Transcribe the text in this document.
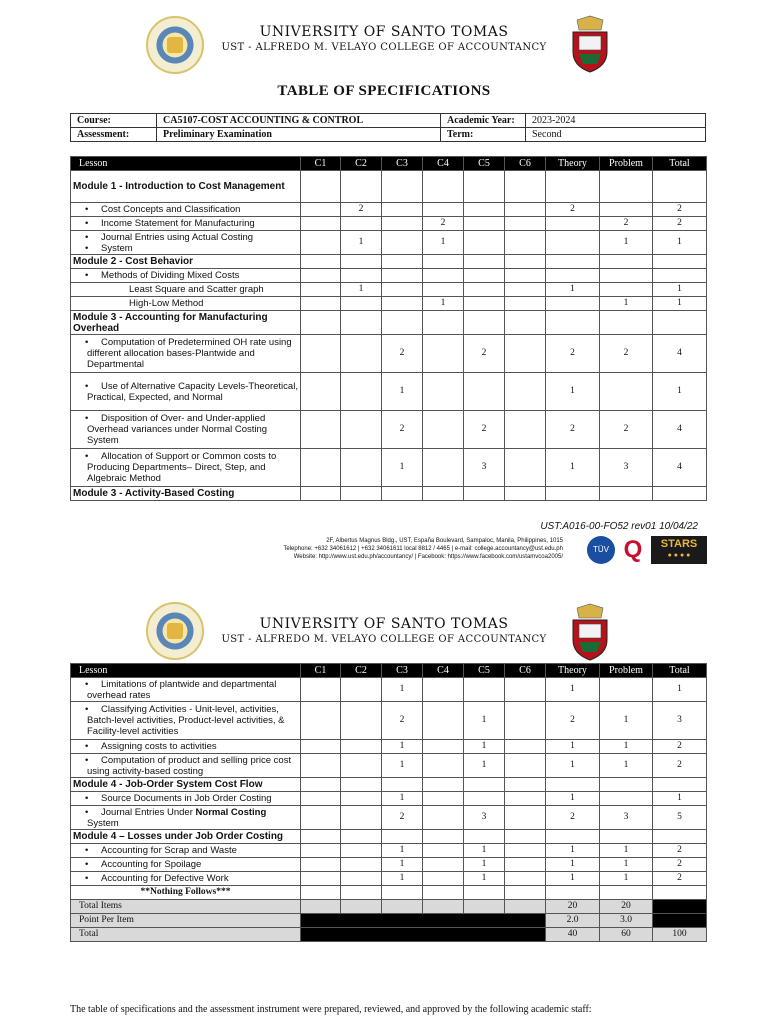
UNIVERSITY OF SANTO TOMAS
UST - ALFREDO M. VELAYO COLLEGE OF ACCOUNTANCY
TABLE OF SPECIFICATIONS
Course:	CA5107-COST ACCOUNTING & CONTROL	Academic Year:	2023-2024
Assessment:	Preliminary Examination	Term:	Second
Lesson	C1	C2	C3	C4	C5	C6	Theory	Problem	Total
Module 1 - Introduction to Cost Management									
• Cost Concepts and Classification		2					2		2
• Income Statement for Manufacturing				2				2	2
• Journal Entries using Actual Costing
• System		1		1				1	1
Module 2 - Cost Behavior									
• Methods of Dividing Mixed Costs									
Least Square and Scatter graph		1					1		1
High-Low Method				1				1	1
Module 3 - Accounting for Manufacturing Overhead									
• Computation of Predetermined OH rate using different allocation bases-Plantwide and Departmental			2		2		2	2	4
• Use of Alternative Capacity Levels-Theoretical, Practical, Expected, and Normal			1				1		1
• Disposition of Over- and Under-applied Overhead variances under Normal Costing System			2		2		2	2	4
• Allocation of Support or Common costs to Producing Departments– Direct, Step, and Algebraic Method			1		3		1	3	4
Module 3 - Activity-Based Costing									
UST:A016-00-FO52 rev01 10/04/22
2F, Albertus Magnus Bldg., UST, España Boulevard, Sampaloc, Manila, Philippines, 1015
Telephone: +632 34061612 | +632 34061611 local 8812 / 4465 | e-mail: college.accountancy@ust.edu.ph
Website: http://www.ust.edu.ph/accountancy/ | Facebook: https://www.facebook.com/ustamvcoa2005/
TÜV Q	STARS
● ● ● ●
UNIVERSITY OF SANTO TOMAS
UST - ALFREDO M. VELAYO COLLEGE OF ACCOUNTANCY
Lesson	C1	C2	C3	C4	C5	C6	Theory	Problem	Total
• Limitations of plantwide and departmental overhead rates			1				1		1
• Classifying Activities - Unit-level, activities, Batch-level activities, Product-level activities, & Facility-level activities			2		1		2	1	3
• Assigning costs to activities			1		1		1	1	2
• Computation of product and selling price cost using activity-based costing			1		1		1	1	2
Module 4 - Job-Order System Cost Flow									
• Source Documents in Job Order Costing			1				1		1
• Journal Entries Under Normal Costing
System			2		3		2	3	5
Module 4 – Losses under Job Order Costing									
• Accounting for Scrap and Waste			1		1		1	1	2
• Accounting for Spoilage			1		1		1	1	2
• Accounting for Defective Work			1		1		1	1	2
**Nothing Follows***									
Total Items							20	20	
Point Per Item							2.0	3.0	
Total							40	60	100
The table of specifications and the assessment instrument were prepared, reviewed, and approved by the following academic staff:
